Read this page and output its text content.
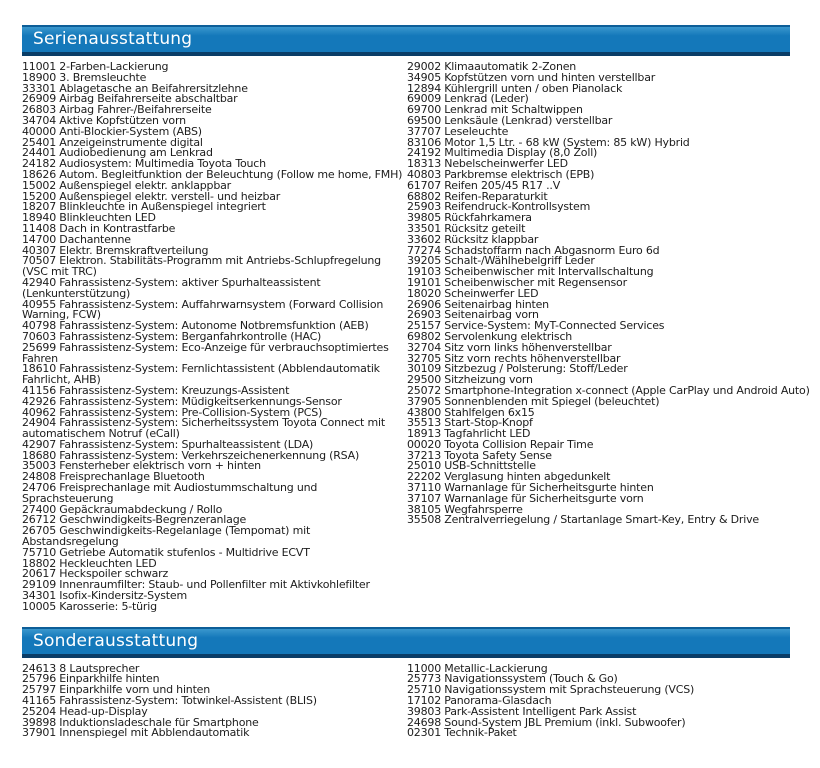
Serienausstattung
11001 2-Farben-Lackierung
18900 3. Bremsleuchte
33301 Ablagetasche an Beifahrersitzlehne
26909 Airbag Beifahrerseite abschaltbar
26803 Airbag Fahrer-/Beifahrerseite
34704 Aktive Kopfstützen vorn
40000 Anti-Blockier-System (ABS)
25401 Anzeigeinstrumente digital
24401 Audiobedienung am Lenkrad
24182 Audiosystem: Multimedia Toyota Touch
18626 Autom. Begleitfunktion der Beleuchtung (Follow me home, FMH)
15002 Außenspiegel elektr. anklappbar
15200 Außenspiegel elektr. verstell- und heizbar
18207 Blinkleuchte in Außenspiegel integriert
18940 Blinkleuchten LED
11408 Dach in Kontrastfarbe
14700 Dachantenne
40307 Elektr. Bremskraftverteilung
70507 Elektron. Stabilitäts-Programm mit Antriebs-Schlupfregelung (VSC mit TRC)
42940 Fahrassistenz-System: aktiver Spurhalteassistent (Lenkunterstützung)
40955 Fahrassistenz-System: Auffahrwarnsystem (Forward Collision Warning, FCW)
40798 Fahrassistenz-System: Autonome Notbremsfunktion (AEB)
70603 Fahrassistenz-System: Berganfahrkontrolle (HAC)
25699 Fahrassistenz-System: Eco-Anzeige für verbrauchsoptimiertes Fahren
18610 Fahrassistenz-System: Fernlichtassistent (Abblendautomatik Fahrlicht, AHB)
41156 Fahrassistenz-System: Kreuzungs-Assistent
42926 Fahrassistenz-System: Müdigkeitserkennungs-Sensor
40962 Fahrassistenz-System: Pre-Collision-System (PCS)
24904 Fahrassistenz-System: Sicherheitssystem Toyota Connect mit automatischem Notruf (eCall)
42907 Fahrassistenz-System: Spurhalteassistent (LDA)
18680 Fahrassistenz-System: Verkehrszeichenerkennung (RSA)
35003 Fensterheber elektrisch vorn + hinten
24808 Freisprechanlage Bluetooth
24706 Freisprechanlage mit Audiostummschaltung und Sprachsteuerung
27400 Gepäckraumabdeckung / Rollo
26712 Geschwindigkeits-Begrenzeranlage
26705 Geschwindigkeits-Regelanlage (Tempomat) mit Abstandsregelung
75710 Getriebe Automatik stufenlos - Multidrive ECVT
18802 Heckleuchten LED
20617 Heckspoiler schwarz
29109 Innenraumfilter: Staub- und Pollenfilter mit Aktivkohlefilter
34301 Isofix-Kindersitz-System
10005 Karosserie: 5-türig
29002 Klimaautomatik 2-Zonen
34905 Kopfstützen vorn und hinten verstellbar
12894 Kühlergrill unten / oben Pianolack
69009 Lenkrad (Leder)
69700 Lenkrad mit Schaltwippen
69500 Lenksäule (Lenkrad) verstellbar
37707 Leseleuchte
83106 Motor 1,5 Ltr. - 68 kW (System: 85 kW) Hybrid
24192 Multimedia Display (8,0 Zoll)
18313 Nebelscheinwerfer LED
40803 Parkbremse elektrisch (EPB)
61707 Reifen 205/45 R17 ..V
68802 Reifen-Reparaturkit
25903 Reifendruck-Kontrollsystem
39805 Rückfahrkamera
33501 Rücksitz geteilt
33602 Rücksitz klappbar
77274 Schadstoffarm nach Abgasnorm Euro 6d
39205 Schalt-/Wählhebelgriff Leder
19103 Scheibenwischer mit Intervallschaltung
19101 Scheibenwischer mit Regensensor
18020 Scheinwerfer LED
26906 Seitenairbag hinten
26903 Seitenairbag vorn
25157 Service-System: MyT-Connected Services
69802 Servolenkung elektrisch
32704 Sitz vorn links höhenverstellbar
32705 Sitz vorn rechts höhenverstellbar
30109 Sitzbezug / Polsterung: Stoff/Leder
29500 Sitzheizung vorn
25072 Smartphone-Integration x-connect (Apple CarPlay und Android Auto)
37905 Sonnenblenden mit Spiegel (beleuchtet)
43800 Stahlfelgen 6x15
35513 Start-Stop-Knopf
18913 Tagfahrlicht LED
00020 Toyota Collision Repair Time
37213 Toyota Safety Sense
25010 USB-Schnittstelle
22202 Verglasung hinten abgedunkelt
37110 Warnanlage für Sicherheitsgurte hinten
37107 Warnanlage für Sicherheitsgurte vorn
38105 Wegfahrsperre
35508 Zentralverriegelung / Startanlage Smart-Key, Entry & Drive
Sonderausstattung
24613 8 Lautsprecher
25796 Einparkhilfe hinten
25797 Einparkhilfe vorn und hinten
41165 Fahrassistenz-System: Totwinkel-Assistent (BLIS)
25204 Head-up-Display
39898 Induktionsladeschale für Smartphone
37901 Innenspiegel mit Abblendautomatik
11000 Metallic-Lackierung
25773 Navigationssystem (Touch & Go)
25710 Navigationssystem mit Sprachsteuerung (VCS)
17102 Panorama-Glasdach
39803 Park-Assistent Intelligent Park Assist
24698 Sound-System JBL Premium (inkl. Subwoofer)
02301 Technik-Paket
